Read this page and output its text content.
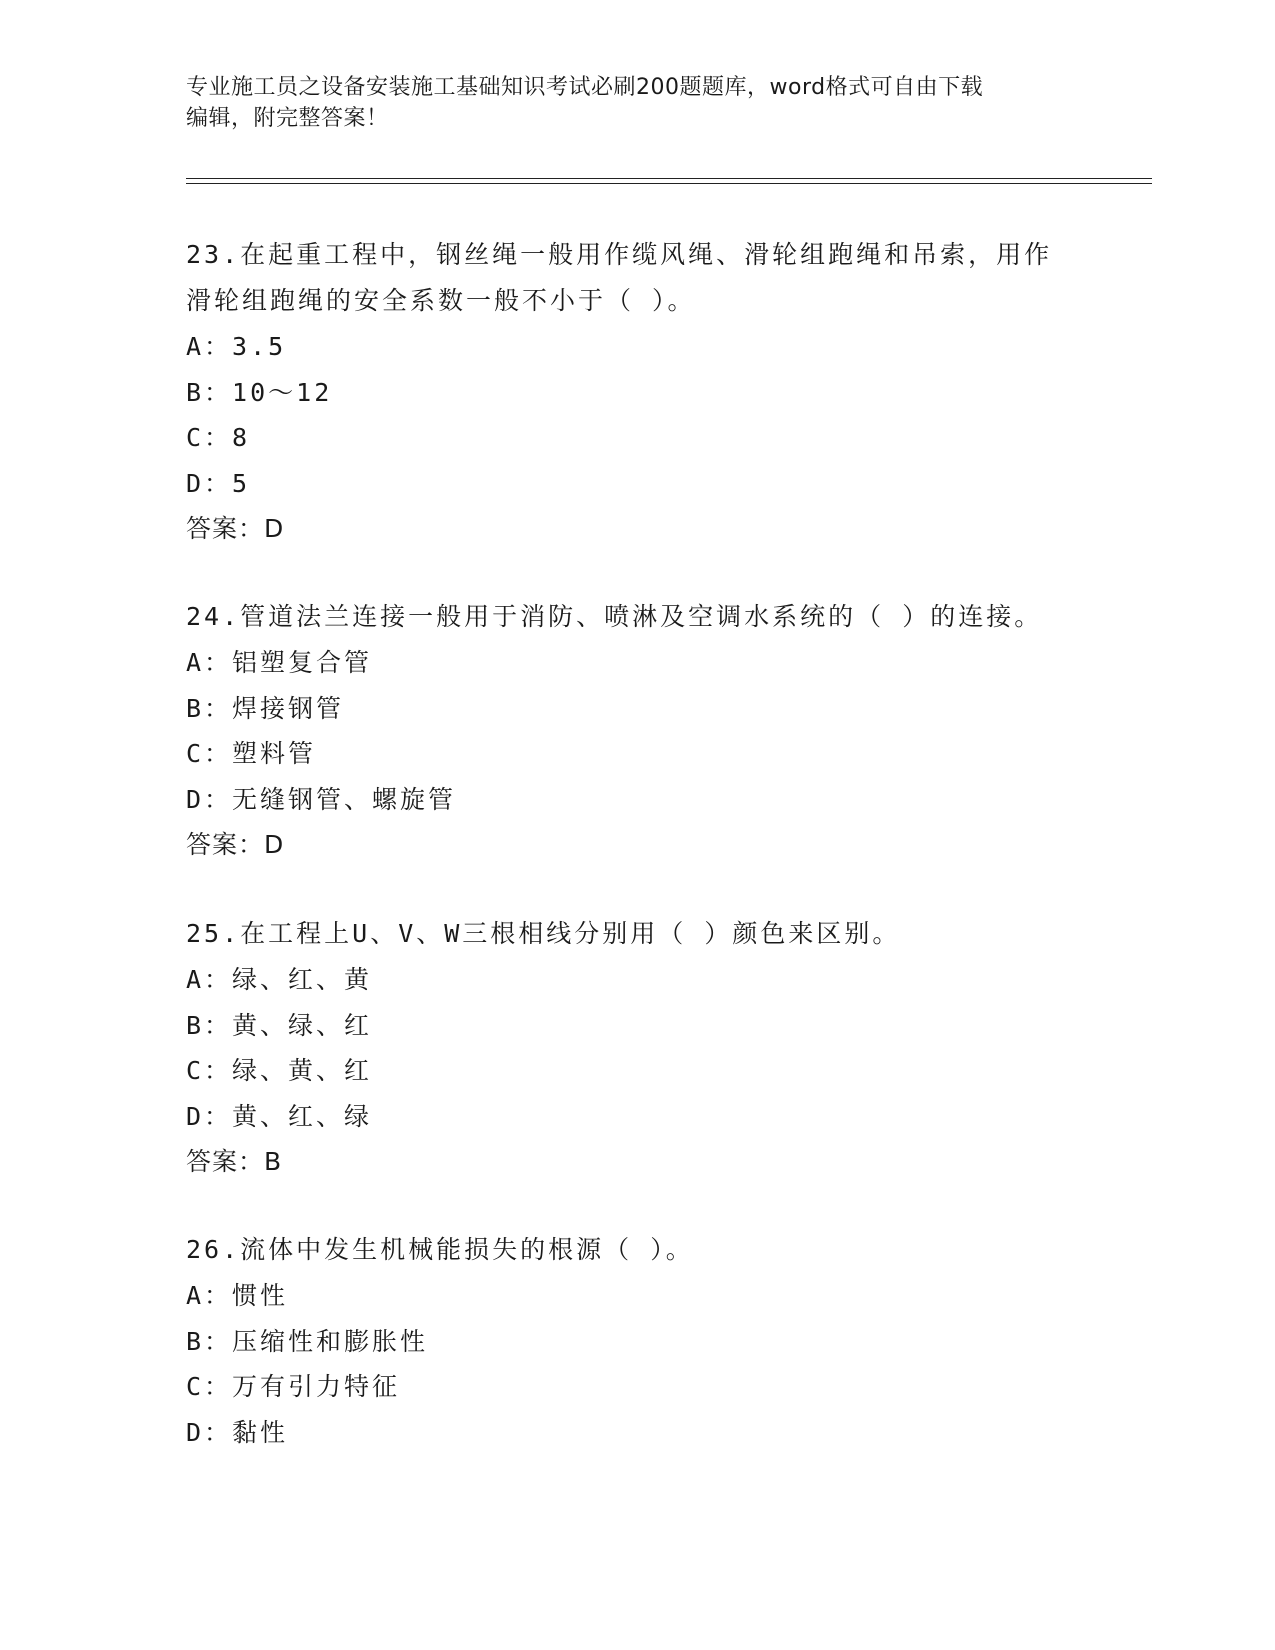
专业施工员之设备安装施工基础知识考试必刷200题题库，word格式可自由下载
编辑，附完整答案！
23.在起重工程中，钢丝绳一般用作缆风绳、滑轮组跑绳和吊索，用作
滑轮组跑绳的安全系数一般不小于（ ）。
A：3.5
B：10～12
C：8
D：5
答案：D
24.管道法兰连接一般用于消防、喷淋及空调水系统的（ ）的连接。
A：铝塑复合管
B：焊接钢管
C：塑料管
D：无缝钢管、螺旋管
答案：D
25.在工程上U、V、W三根相线分别用（ ）颜色来区别。
A：绿、红、黄
B：黄、绿、红
C：绿、黄、红
D：黄、红、绿
答案：B
26.流体中发生机械能损失的根源（ ）。
A：惯性
B：压缩性和膨胀性
C：万有引力特征
D：黏性
